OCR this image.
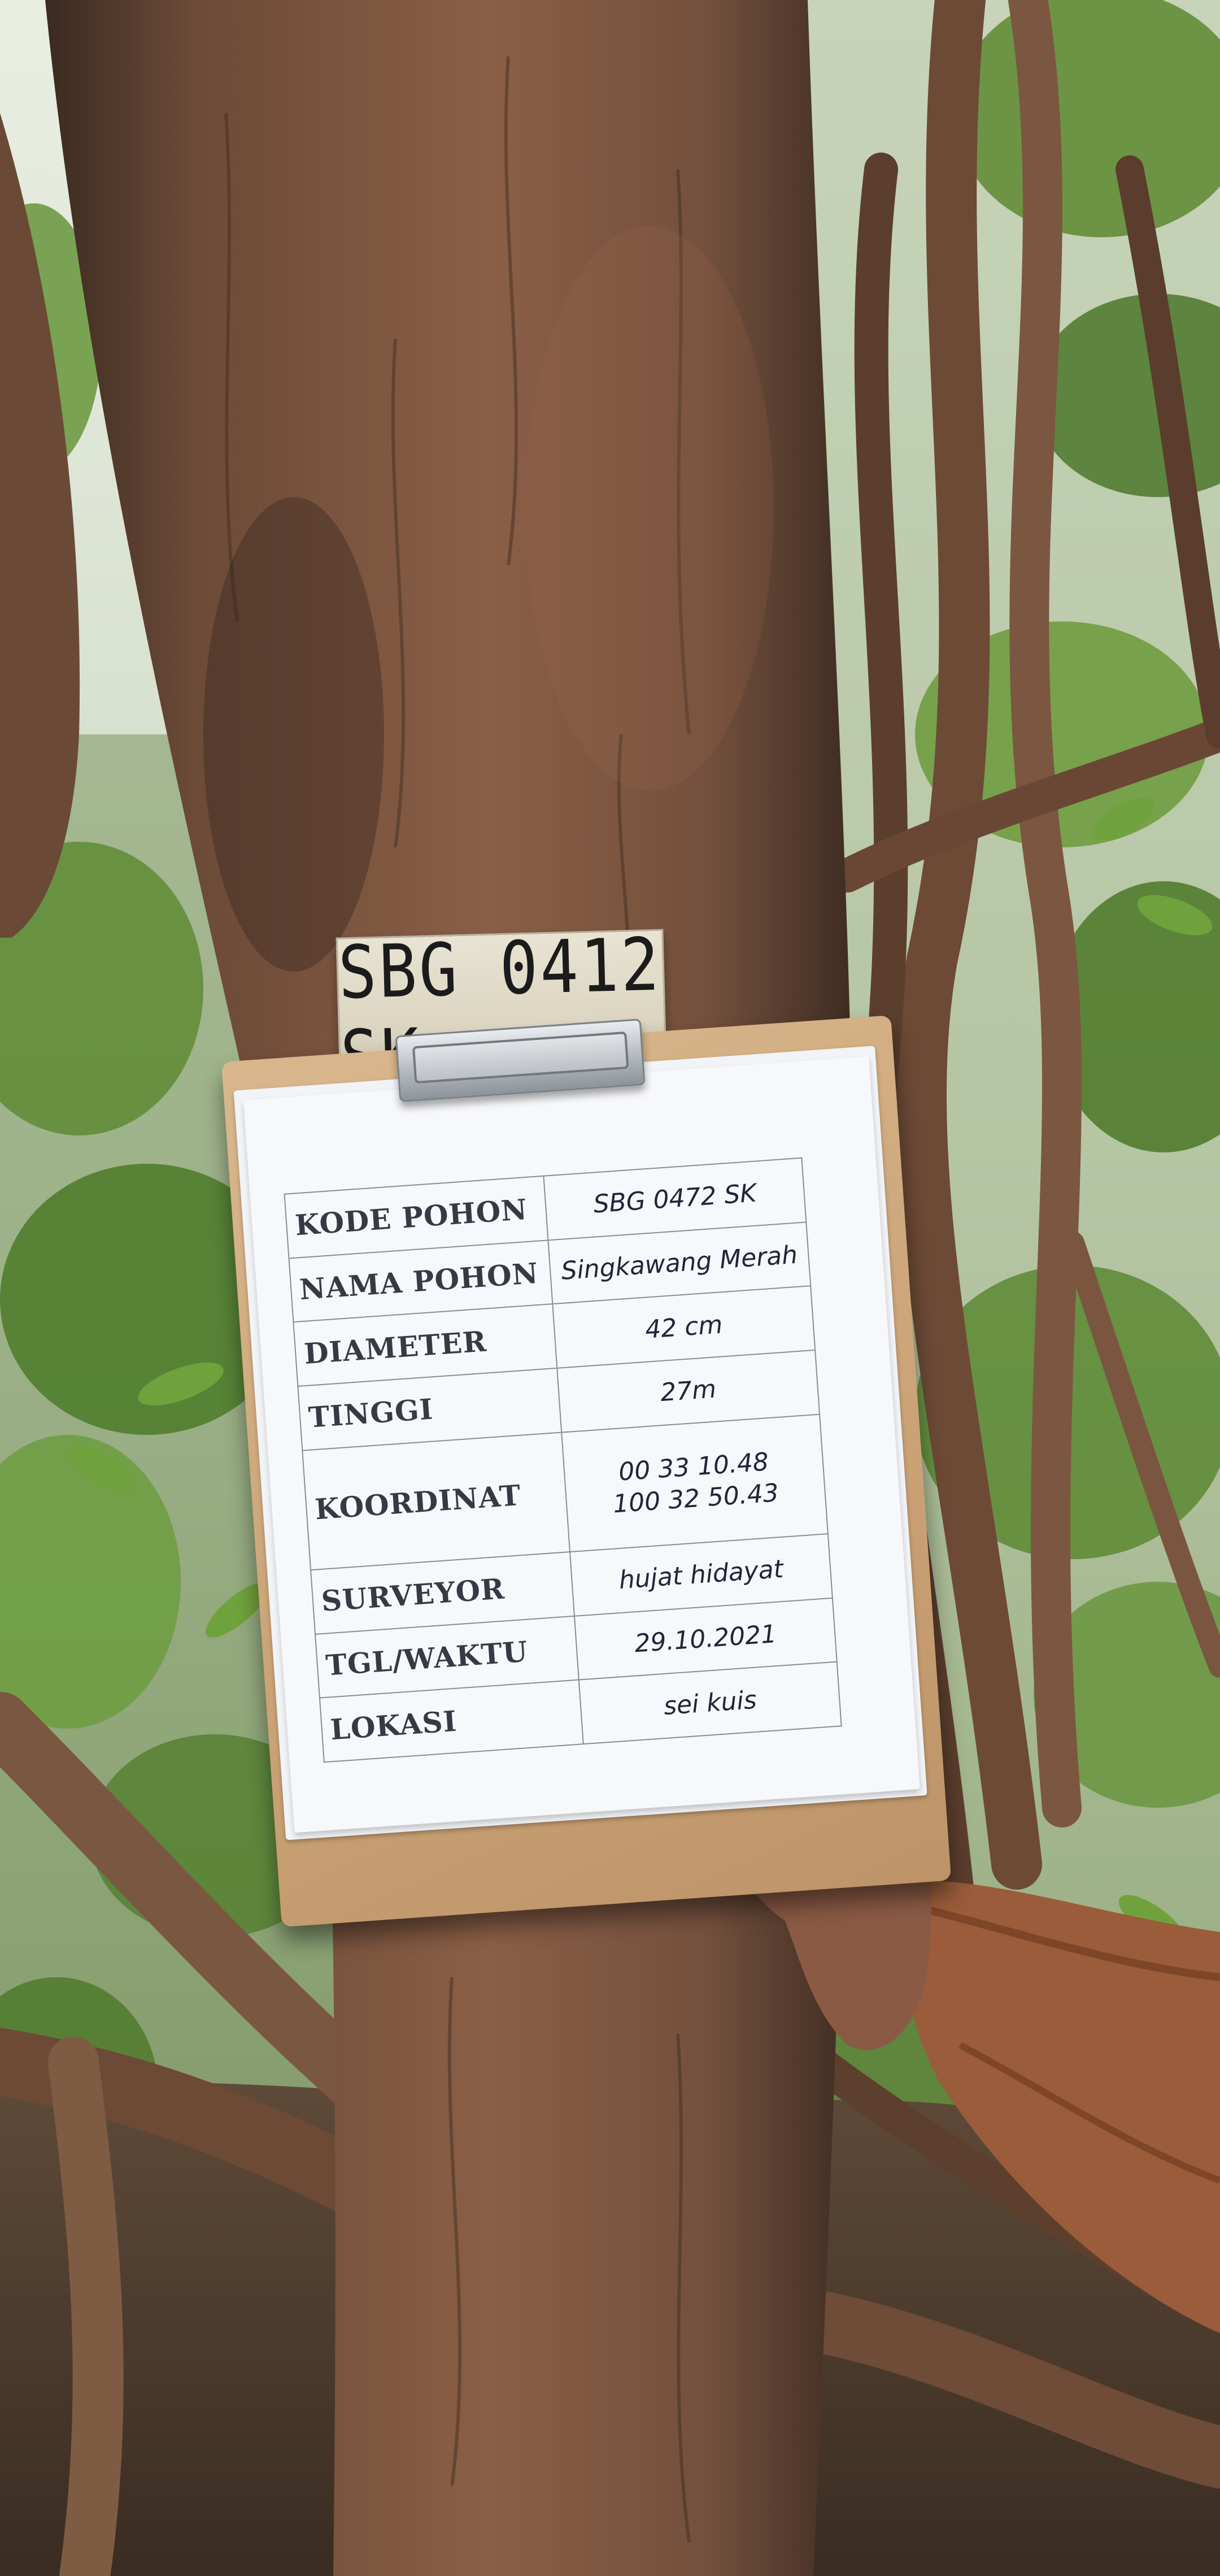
SBG 0412
KODE POHON	SBG 0472 SK
NAMA POHON	Singkawang Merah
DIAMETER	42 cm
TINGGI	27m
KOORDINAT	00 33 10.48
100 32 50.43

SURVEYOR	hujat hidayat
TGL/WAKTU	29.10.2021
LOKASI	sei kuis
